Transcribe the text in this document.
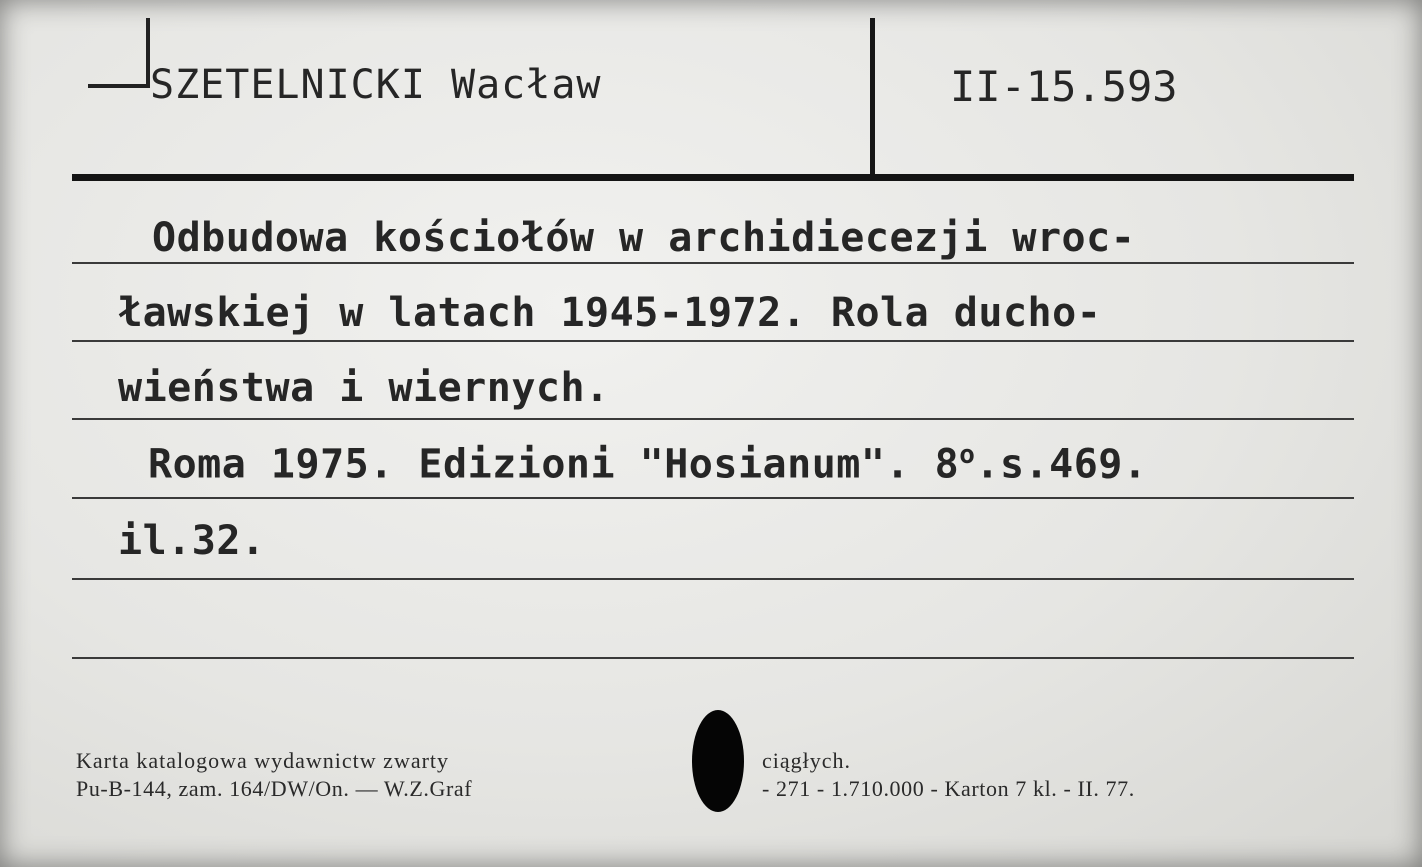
SZETELNICKI Wacław	II-15.593
Odbudowa kościołów w archidiecezji wroc-
ławskiej w latach 1945-1972. Rola ducho-
wieństwa i wiernych.
Roma 1975. Edizioni "Hosianum". 8$^o$.s.469.
il.32.
Karta katalogowa wydawnictw zwarty	ciągłych.
Pu-B-144, zam. 164/DW/On. — W.Z.Graf	- 271 - 1.710.000 - Karton 7 kl. - II. 77.
